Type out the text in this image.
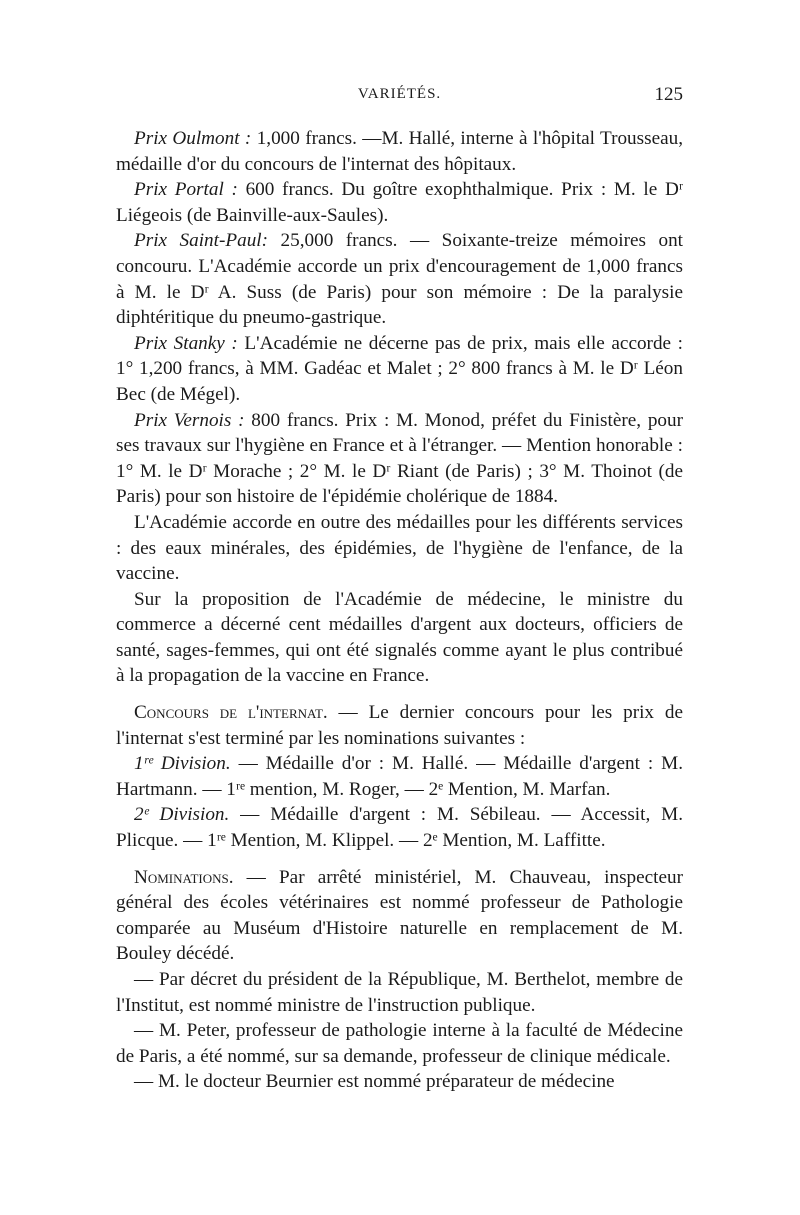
VARIÉTÉS.	125

Prix Oulmont : 1,000 francs. —M. Hallé, interne à l'hôpital Trousseau, médaille d'or du concours de l'internat des hôpitaux.

Prix Portal : 600 francs. Du goître exophthalmique. Prix : M. le Dʳ Liégeois (de Bainville-aux-Saules).

Prix Saint-Paul: 25,000 francs. — Soixante-treize mémoires ont concouru. L'Académie accorde un prix d'encouragement de 1,000 francs à M. le Dʳ A. Suss (de Paris) pour son mémoire : De la paralysie diphtéritique du pneumo-gastrique.

Prix Stanky : L'Académie ne décerne pas de prix, mais elle accorde : 1° 1,200 francs, à MM. Gadéac et Malet ; 2° 800 francs à M. le Dʳ Léon Bec (de Mégel).

Prix Vernois : 800 francs. Prix : M. Monod, préfet du Finistère, pour ses travaux sur l'hygiène en France et à l'étranger. — Mention honorable : 1° M. le Dʳ Morache ; 2° M. le Dʳ Riant (de Paris) ; 3° M. Thoinot (de Paris) pour son histoire de l'épidémie cholérique de 1884.

L'Académie accorde en outre des médailles pour les différents services : des eaux minérales, des épidémies, de l'hygiène de l'enfance, de la vaccine.

Sur la proposition de l'Académie de médecine, le ministre du commerce a décerné cent médailles d'argent aux docteurs, officiers de santé, sages-femmes, qui ont été signalés comme ayant le plus contribué à la propagation de la vaccine en France.

Concours de l'internat. — Le dernier concours pour les prix de l'internat s'est terminé par les nominations suivantes :

1ʳᵉ Division. — Médaille d'or : M. Hallé. — Médaille d'argent : M. Hartmann. — 1ʳᵉ mention, M. Roger, — 2ᵉ Mention, M. Marfan.

2ᵉ Division. — Médaille d'argent : M. Sébileau. — Accessit, M. Plicque. — 1ʳᵉ Mention, M. Klippel. — 2ᵉ Mention, M. Laffitte.

Nominations. — Par arrêté ministériel, M. Chauveau, inspecteur général des écoles vétérinaires est nommé professeur de Pathologie comparée au Muséum d'Histoire naturelle en remplacement de M. Bouley décédé.

— Par décret du président de la République, M. Berthelot, membre de l'Institut, est nommé ministre de l'instruction publique.

— M. Peter, professeur de pathologie interne à la faculté de Médecine de Paris, a été nommé, sur sa demande, professeur de clinique médicale.

— M. le docteur Beurnier est nommé préparateur de médecine
